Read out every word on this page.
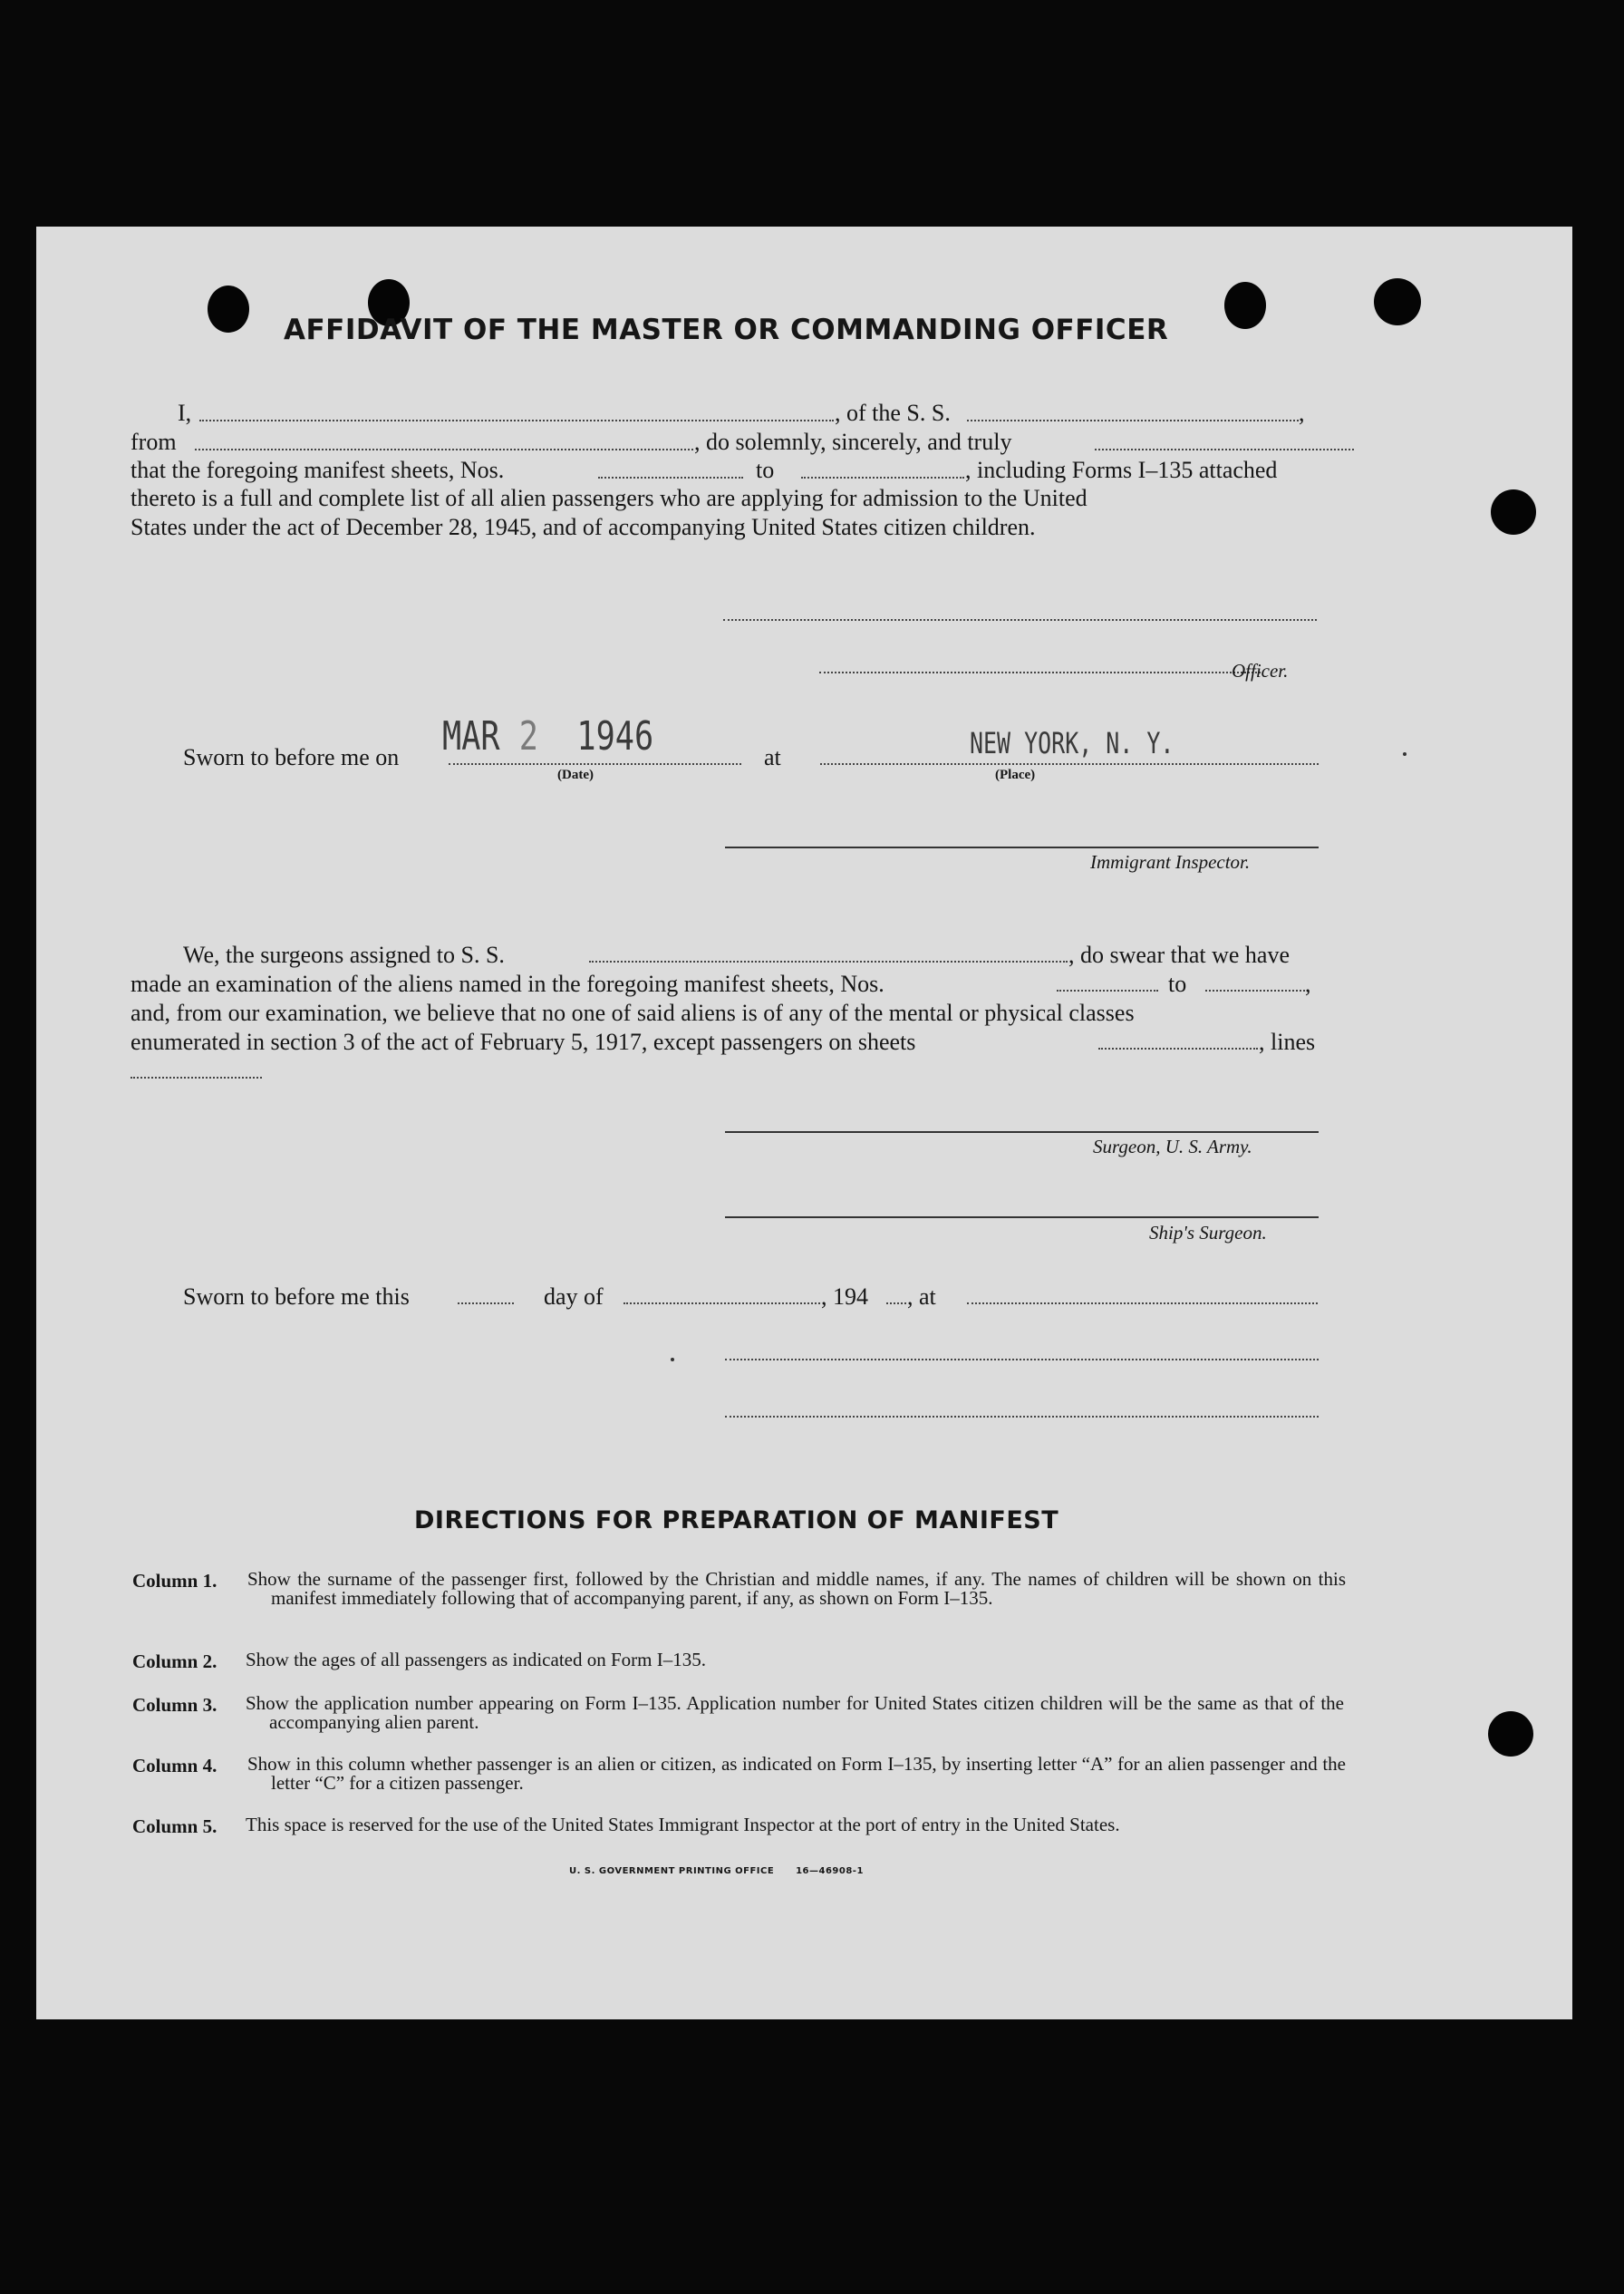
AFFIDAVIT OF THE MASTER OR COMMANDING OFFICER
I,	, of the S. S.	,
from	, do solemnly, sincerely, and truly
that the foregoing manifest sheets, Nos.	to	, including Forms I–135 attached
thereto is a full and complete list of all alien passengers who are applying for admission to the United
States under the act of December 28, 1945, and of accompanying United States citizen children.
Officer.
Sworn to before me on MAR 2 1946
(Date)
at	NEW YORK, N. Y.
(Place)
Immigrant Inspector.
We, the surgeons assigned to S. S.	, do swear that we have
made an examination of the aliens named in the foregoing manifest sheets, Nos.	to	,
and, from our examination, we believe that no one of said aliens is of any of the mental or physical classes
enumerated in section 3 of the act of February 5, 1917, except passengers on sheets	, lines
Surgeon, U. S. Army.
Ship's Surgeon.
Sworn to before me this	day of	, 194 , at
DIRECTIONS FOR PREPARATION OF MANIFEST
Column 1. Show the surname of the passenger first, followed by the Christian and middle names, if any. The names of children will be shown on this manifest immediately following that of accompanying parent, if any, as shown on Form I–135.
Column 2. Show the ages of all passengers as indicated on Form I–135.
Column 3. Show the application number appearing on Form I–135. Application number for United States citizen children will be the same as that of the accompanying alien parent.
Column 4. Show in this column whether passenger is an alien or citizen, as indicated on Form I–135, by inserting letter “A” for an alien passenger and the letter “C” for a citizen passenger.
Column 5. This space is reserved for the use of the United States Immigrant Inspector at the port of entry in the United States.
U. S. GOVERNMENT PRINTING OFFICE 16—46908-1
